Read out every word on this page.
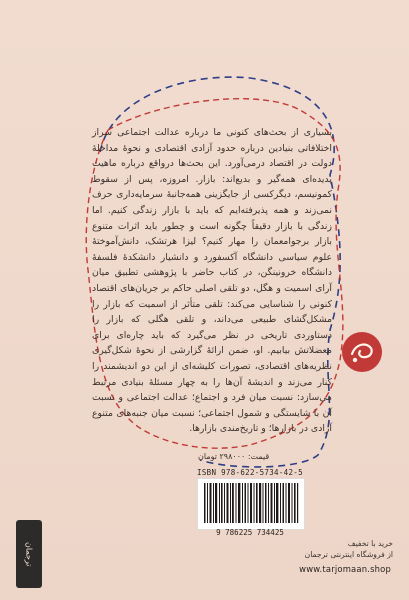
بسیاری از بحث‌های کنونی ما درباره عدالت اجتماعی سراز اختلافاتی بنیادین درباره حدود آزادی اقتصادی و نحوهٔ مداخلهٔ دولت در اقتصاد درمی‌آورد. این بحث‌ها درواقع درباره ماهیت پدیده‌ای همه‌گیر و بدیع‌اند: بازار. امروزه، پس از سقوط کمونیسم، دیگرکسی از جایگزینی همه‌جانبهٔ سرمایه‌داری حرف نمی‌زند و همه پذیرفته‌ایم که باید با بازار زندگی کنیم. اما زندگی با بازار دقیقاً چگونه است و چطور باید اثرات متنوع بازار برجوامعمان را مهار کنیم؟ لیزا هرتشک، دانش‌آموختهٔ علوم سیاسی دانشگاه آکسفورد و دانشیار دانشکدهٔ فلسفهٔ دانشگاه خرونینگن، در کتاب حاضر با پژوهشی تطبیق میان آرای اسمیت و هگل، دو تلقی اصلی حاکم بر جریان‌های اقتصاد کنونی را شناسایی می‌کند: تلقی متأثر از اسمیت که بازار را مشکل‌گشای طبیعی می‌داند، و تلقی هگلی که بازار را دستاوردی تاریخی در نظر می‌گیرد که باید چاره‌ای برای معضلاتش بیابیم. او، ضمن ارائهٔ گزارشی از نحوهٔ شکل‌گیری نظریه‌های اقتصادی، تصورات کلیشه‌ای از این دو اندیشمند را کنار می‌زند و اندیشهٔ آن‌ها را به چهار مسئلهٔ بنیادی مرتبط می‌سازد: نسبت میان فرد و اجتماع؛ عدالت اجتماعی و نسبت آن با شایستگی و شمول اجتماعی؛ نسبت میان جنبه‌های متنوع آزادی در بازارها؛ و تاریخ‌مندی بازارها.

قیمت: ۲۹۸۰۰۰ تومان
ISBN 978-622-5734-42-5
9 786225 734425
خرید با تخفیف
از فروشگاه اینترنتی ترجمان
www.tarjomaan.shop
ترجمان
